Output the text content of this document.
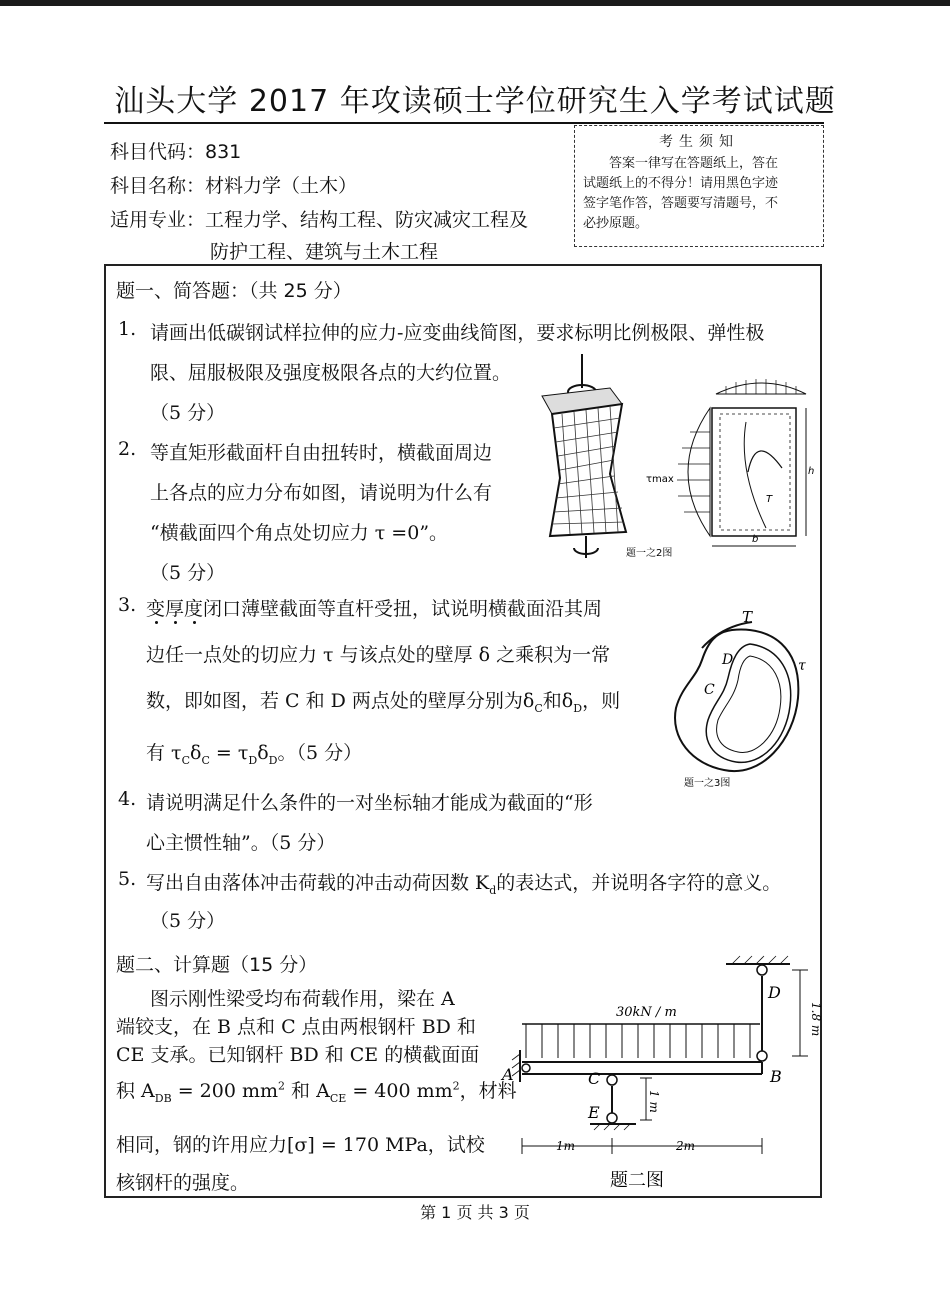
汕头大学 2017 年攻读硕士学位研究生入学考试试题
科目代码：831
科目名称：材料力学（土木）
适用专业：工程力学、结构工程、防灾减灾工程及
防护工程、建筑与土木工程
考生须知
答案一律写在答题纸上，答在
试题纸上的不得分！请用黑色字迹
签字笔作答，答题要写清题号，不
必抄原题。
题一、简答题：（共 25 分）
1. 请画出低碳钢试样拉伸的应力-应变曲线简图，要求标明比例极限、弹性极
限、屈服极限及强度极限各点的大约位置。
（5 分）
2. 等直矩形截面杆自由扭转时，横截面周边
上各点的应力分布如图，请说明为什么有
“横截面四个角点处切应力 τ =0”。
（5 分）
3. 变厚度闭口薄壁截面等直杆受扭，试说明横截面沿其周
边任一点处的切应力 τ 与该点处的壁厚 δ 之乘积为一常
数，即如图，若 C 和 D 两点处的壁厚分别为$\delta_C$和$\delta_D$，则
有 $\tau_C\delta_C = \tau_D\delta_D$。（5 分）
4. 请说明满足什么条件的一对坐标轴才能成为截面的“形
心主惯性轴”。（5 分）
5. 写出自由落体冲击荷载的冲击动荷因数 $K_d$的表达式，并说明各字符的意义。
（5 分）
τmax
h
b
T
题一之2图
T
D
C
τ
题一之3图
题二、计算题（15 分）
图示刚性梁受均布荷载作用，梁在 A
端铰支，在 B 点和 C 点由两根钢杆 BD 和
CE 支承。已知钢杆 BD 和 CE 的横截面面
积 $A_{DB} = 200$ $mm^2$ 和 $A_{CE} = 400$ $mm^2$，材料
相同，钢的许用应力[σ] = 170 MPa，试校
核钢杆的强度。
30kN / m
A	B
C
D
E
1.8 m
1 m
1m	2m
题二图
第 1 页 共 3 页
